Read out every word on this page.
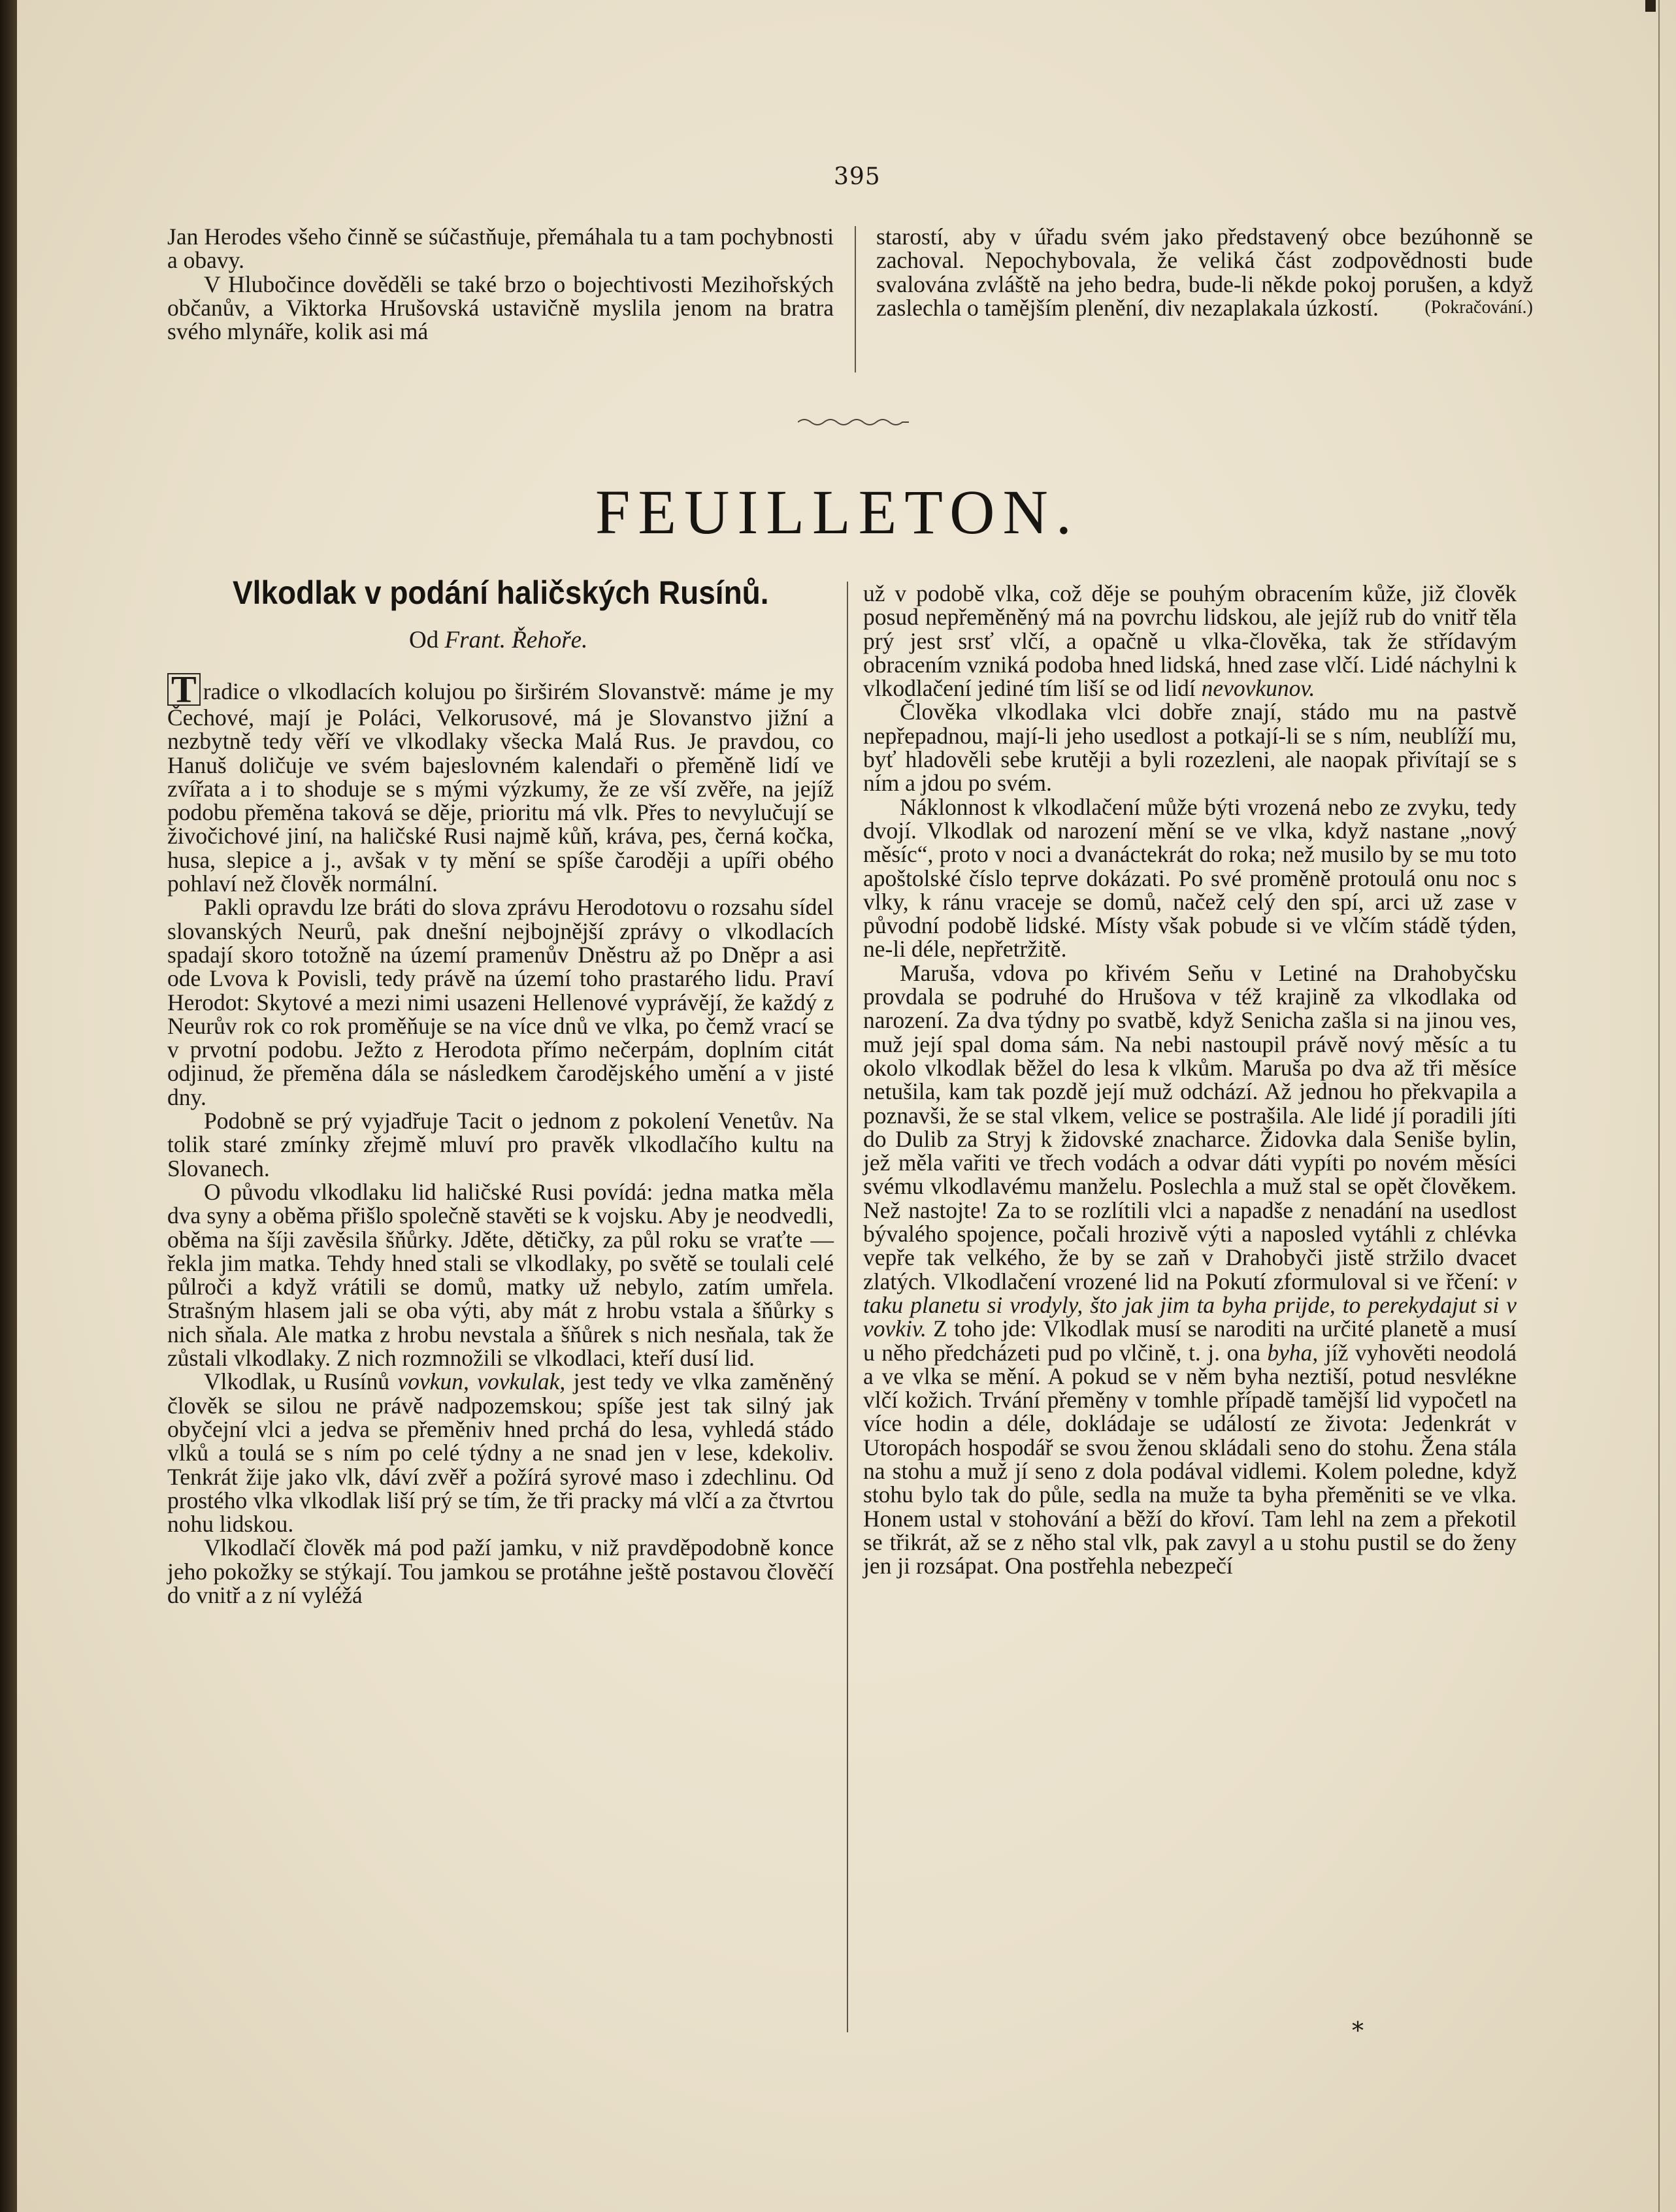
395

Jan Herodes všeho činně se súčastňuje, přemáhala tu a tam pochybnosti a obavy.

V Hlubočince dověděli se také brzo o bojechtivosti Mezihořských občanův, a Viktorka Hrušovská ustavičně myslila jenom na bratra svého mlynáře, kolik asi má

starostí, aby v úřadu svém jako představený obce bezúhonně se zachoval. Nepochybovala, že veliká část zodpovědnosti bude svalována zvláště na jeho bedra, bude-li někde pokoj porušen, a když zaslechla o tamějším plenění, div nezaplakala úzkostí.	(Pokračování.)

FEUILLETON.
Vlkodlak v podání haličských Rusínů.
Od Frant. Řehoře.

T radice o vlkodlacích kolujou po širširém Slovanstvě: máme je my Čechové, mají je Poláci, Velkorusové, má je Slovanstvo jižní a nezbytně tedy věří ve vlkodlaky všecka Malá Rus. Je pravdou, co Hanuš doličuje ve svém bajeslovném kalendaři o přeměně lidí ve zvířata a i to shoduje se s mými výzkumy, že ze vší zvěře, na jejíž podobu přeměna taková se děje, prioritu má vlk. Přes to nevylučují se živočichové jiní, na haličské Rusi najmě kůň, kráva, pes, černá kočka, husa, slepice a j., avšak v ty mění se spíše čaroději a upíři obého pohlaví než člověk normální.

Pakli opravdu lze bráti do slova zprávu Herodotovu o rozsahu sídel slovanských Neurů, pak dnešní nejbojnější zprávy o vlkodlacích spadají skoro totožně na území pramenův Dněstru až po Dněpr a asi ode Lvova k Povisli, tedy právě na území toho prastarého lidu. Praví Herodot: Skytové a mezi nimi usazeni Hellenové vyprávějí, že každý z Neurův rok co rok proměňuje se na více dnů ve vlka, po čemž vrací se v prvotní podobu. Ježto z Herodota přímo nečerpám, doplním citát odjinud, že přeměna dála se následkem čarodějského umění a v jisté dny.

Podobně se prý vyjadřuje Tacit o jednom z pokolení Venetův. Na tolik staré zmínky zřejmě mluví pro pravěk vlkodlačího kultu na Slovanech.

O původu vlkodlaku lid haličské Rusi povídá: jedna matka měla dva syny a oběma přišlo společně stavěti se k vojsku. Aby je neodvedli, oběma na šíji zavěsila šňůrky. Jděte, dětičky, za půl roku se vraťte — řekla jim matka. Tehdy hned stali se vlkodlaky, po světě se toulali celé půlroči a když vrátili se domů, matky už nebylo, zatím umřela. Strašným hlasem jali se oba výti, aby mát z hrobu vstala a šňůrky s nich sňala. Ale matka z hrobu nevstala a šňůrek s nich nesňala, tak že zůstali vlkodlaky. Z nich rozmnožili se vlkodlaci, kteří dusí lid.

Vlkodlak, u Rusínů vovkun, vovkulak, jest tedy ve vlka zaměněný člověk se silou ne právě nadpozemskou; spíše jest tak silný jak obyčejní vlci a jedva se přeměniv hned prchá do lesa, vyhledá stádo vlků a toulá se s ním po celé týdny a ne snad jen v lese, kdekoliv. Tenkrát žije jako vlk, dáví zvěř a požírá syrové maso i zdechlinu. Od prostého vlka vlkodlak liší prý se tím, že tři pracky má vlčí a za čtvrtou nohu lidskou.

Vlkodlačí člověk má pod paží jamku, v niž pravděpodobně konce jeho pokožky se stýkají. Tou jamkou se protáhne ještě postavou člověčí do vnitř a z ní vyléžá

už v podobě vlka, což děje se pouhým obracením kůže, již člověk posud nepřeměněný má na povrchu lidskou, ale jejíž rub do vnitř těla prý jest srsť vlčí, a opačně u vlka-člověka, tak že střídavým obracením vzniká podoba hned lidská, hned zase vlčí. Lidé náchylni k vlkodlačení jediné tím liší se od lidí nevovkunov.

Člověka vlkodlaka vlci dobře znají, stádo mu na pastvě nepřepadnou, mají-li jeho usedlost a potkají-li se s ním, neublíží mu, byť hladověli sebe krutěji a byli rozezleni, ale naopak přivítají se s ním a jdou po svém.

Náklonnost k vlkodlačení může býti vrozená nebo ze zvyku, tedy dvojí. Vlkodlak od narození mění se ve vlka, když nastane „nový měsíc“, proto v noci a dvanáctekrát do roka; než musilo by se mu toto apoštolské číslo teprve dokázati. Po své proměně protoulá onu noc s vlky, k ránu vraceje se domů, načež celý den spí, arci už zase v původní podobě lidské. Místy však pobude si ve vlčím stádě týden, ne-li déle, nepřetržitě.

Maruša, vdova po křivém Seňu v Letiné na Drahobyčsku provdala se podruhé do Hrušova v též krajině za vlkodlaka od narození. Za dva týdny po svatbě, když Senicha zašla si na jinou ves, muž její spal doma sám. Na nebi nastoupil právě nový měsíc a tu okolo vlkodlak běžel do lesa k vlkům. Maruša po dva až tři měsíce netušila, kam tak pozdě její muž odchází. Až jednou ho překvapila a poznavši, že se stal vlkem, velice se postrašila. Ale lidé jí poradili jíti do Dulib za Stryj k židovské znacharce. Židovka dala Seniše bylin, jež měla vařiti ve třech vodách a odvar dáti vypíti po novém měsíci svému vlkodlavému manželu. Poslechla a muž stal se opět člověkem. Než nastojte! Za to se rozlítili vlci a napadše z nenadání na usedlost bývalého spojence, počali hrozivě výti a naposled vytáhli z chlévka vepře tak velkého, že by se zaň v Drahobyči jistě stržilo dvacet zlatých. Vlkodlačení vrozené lid na Pokutí zformuloval si ve řčení: v taku planetu si vrodyly, što jak jim ta byha prijde, to perekydajut si v vovkiv. Z toho jde: Vlkodlak musí se naroditi na určité planetě a musí u něho předcházeti pud po vlčině, t. j. ona byha, jíž vyhověti neodolá a ve vlka se mění. A pokud se v něm byha neztiší, potud nesvlékne vlčí kožich. Trvání přeměny v tomhle případě tamější lid vypočetl na více hodin a déle, dokládaje se událostí ze života: Jedenkrát v Utoropách hospodář se svou ženou skládali seno do stohu. Žena stála na stohu a muž jí seno z dola podával vidlemi. Kolem poledne, když stohu bylo tak do půle, sedla na muže ta byha přeměniti se ve vlka. Honem ustal v stohování a běží do křoví. Tam lehl na zem a překotil se třikrát, až se z něho stal vlk, pak zavyl a u stohu pustil se do ženy jen ji rozsápat. Ona postřehla nebezpečí

*
